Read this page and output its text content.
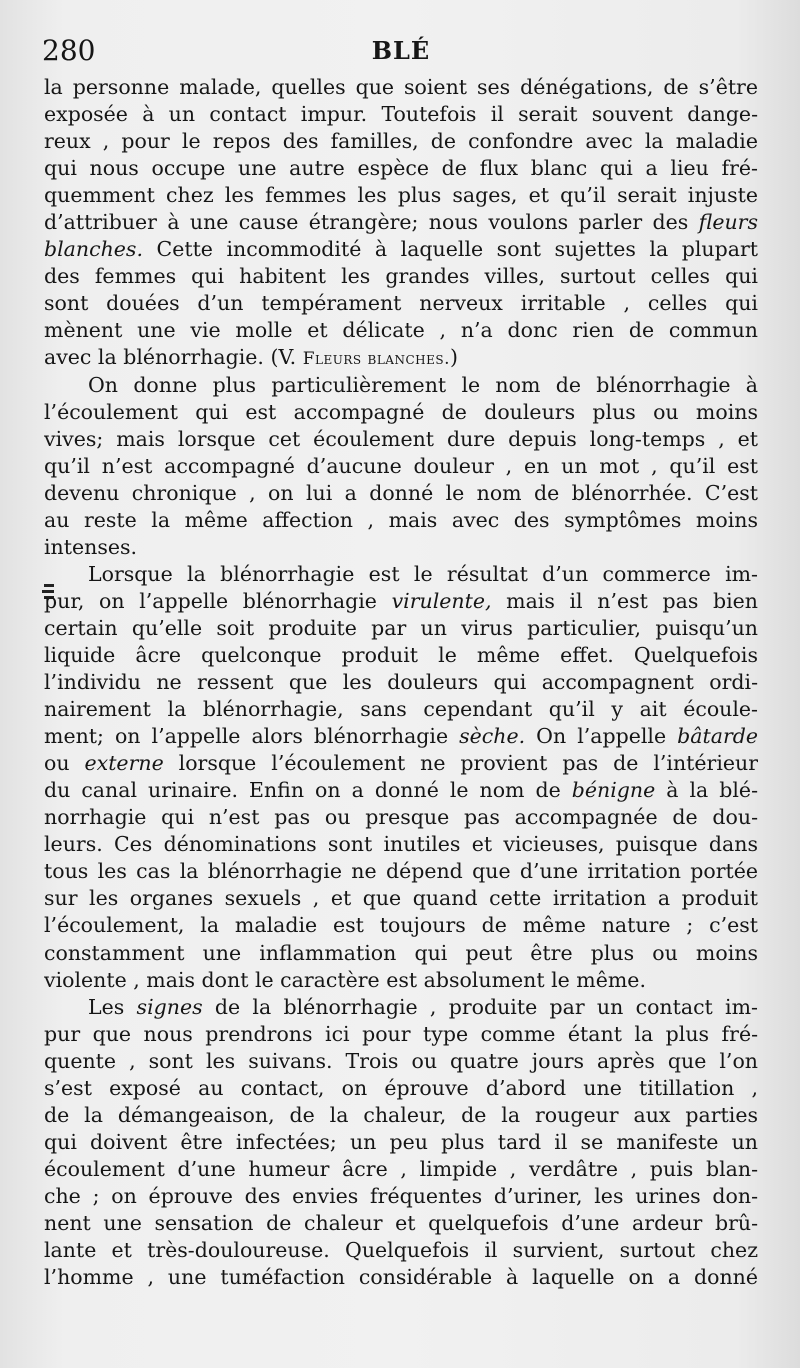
280	BLÉ
la personne malade, quelles que soient ses dénégations, de s’être
exposée à un contact impur. Toutefois il serait souvent dange-
reux , pour le repos des familles, de confondre avec la maladie
qui nous occupe une autre espèce de flux blanc qui a lieu fré-
quemment chez les femmes les plus sages, et qu’il serait injuste
d’attribuer à une cause étrangère; nous voulons parler des fleurs
blanches. Cette incommodité à laquelle sont sujettes la plupart
des femmes qui habitent les grandes villes, surtout celles qui
sont douées d’un tempérament nerveux irritable , celles qui
mènent une vie molle et délicate , n’a donc rien de commun
avec la blénorrhagie. (V. Fleurs blanches.)
On donne plus particulièrement le nom de blénorrhagie à
l’écoulement qui est accompagné de douleurs plus ou moins
vives; mais lorsque cet écoulement dure depuis long-temps , et
qu’il n’est accompagné d’aucune douleur , en un mot , qu’il est
devenu chronique , on lui a donné le nom de blénorrhée. C’est
au reste la même affection , mais avec des symptômes moins
intenses.
Lorsque la blénorrhagie est le résultat d’un commerce im-
pur, on l’appelle blénorrhagie virulente, mais il n’est pas bien
certain qu’elle soit produite par un virus particulier, puisqu’un
liquide âcre quelconque produit le même effet. Quelquefois
l’individu ne ressent que les douleurs qui accompagnent ordi-
nairement la blénorrhagie, sans cependant qu’il y ait écoule-
ment; on l’appelle alors blénorrhagie sèche. On l’appelle bâtarde
ou externe lorsque l’écoulement ne provient pas de l’intérieur
du canal urinaire. Enfin on a donné le nom de bénigne à la blé-
norrhagie qui n’est pas ou presque pas accompagnée de dou-
leurs. Ces dénominations sont inutiles et vicieuses, puisque dans
tous les cas la blénorrhagie ne dépend que d’une irritation portée
sur les organes sexuels , et que quand cette irritation a produit
l’écoulement, la maladie est toujours de même nature ; c’est
constamment une inflammation qui peut être plus ou moins
violente , mais dont le caractère est absolument le même.
Les signes de la blénorrhagie , produite par un contact im-
pur que nous prendrons ici pour type comme étant la plus fré-
quente , sont les suivans. Trois ou quatre jours après que l’on
s’est exposé au contact, on éprouve d’abord une titillation ,
de la démangeaison, de la chaleur, de la rougeur aux parties
qui doivent être infectées; un peu plus tard il se manifeste un
écoulement d’une humeur âcre , limpide , verdâtre , puis blan-
che ; on éprouve des envies fréquentes d’uriner, les urines don-
nent une sensation de chaleur et quelquefois d’une ardeur brû-
lante et très-douloureuse. Quelquefois il survient, surtout chez
l’homme , une tuméfaction considérable à laquelle on a donné
